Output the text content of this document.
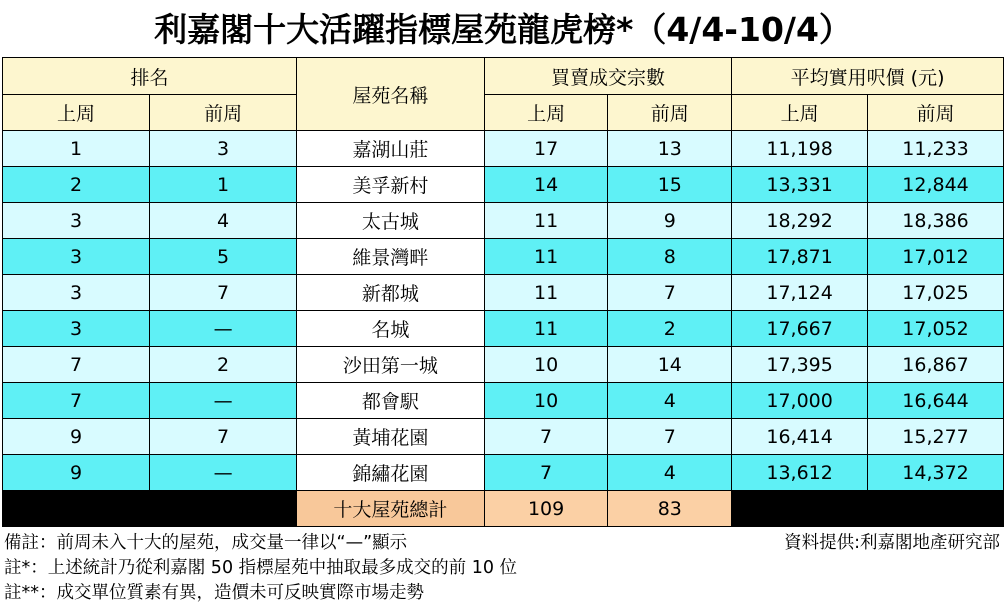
利嘉閣十大活躍指標屋苑龍虎榜*（4/4-10/4）
排名		屋苑名稱	買賣成交宗數		平均實用呎價 (元)	
上周	前周		上周	前周	上周	前周
1	3	嘉湖山莊	17	13	11,198	11,233
2	1	美孚新村	14	15	13,331	12,844
3	4	太古城	11	9	18,292	18,386
3	5	維景灣畔	11	8	17,871	17,012
3	7	新都城	11	7	17,124	17,025
3	—	名城	11	2	17,667	17,052
7	2	沙田第一城	10	14	17,395	16,867
7	—	都會駅	10	4	17,000	16,644
9	7	黃埔花園	7	7	16,414	15,277
9	—	錦繡花園	7	4	13,612	14,372
		十大屋苑總計	109	83		
資料提供:利嘉閣地產研究部
備註：前周未入十大的屋苑，成交量一律以“—”顯示
註*：上述統計乃從利嘉閣 50 指標屋苑中抽取最多成交的前 10 位
註**：成交單位質素有異，造價未可反映實際市場走勢
